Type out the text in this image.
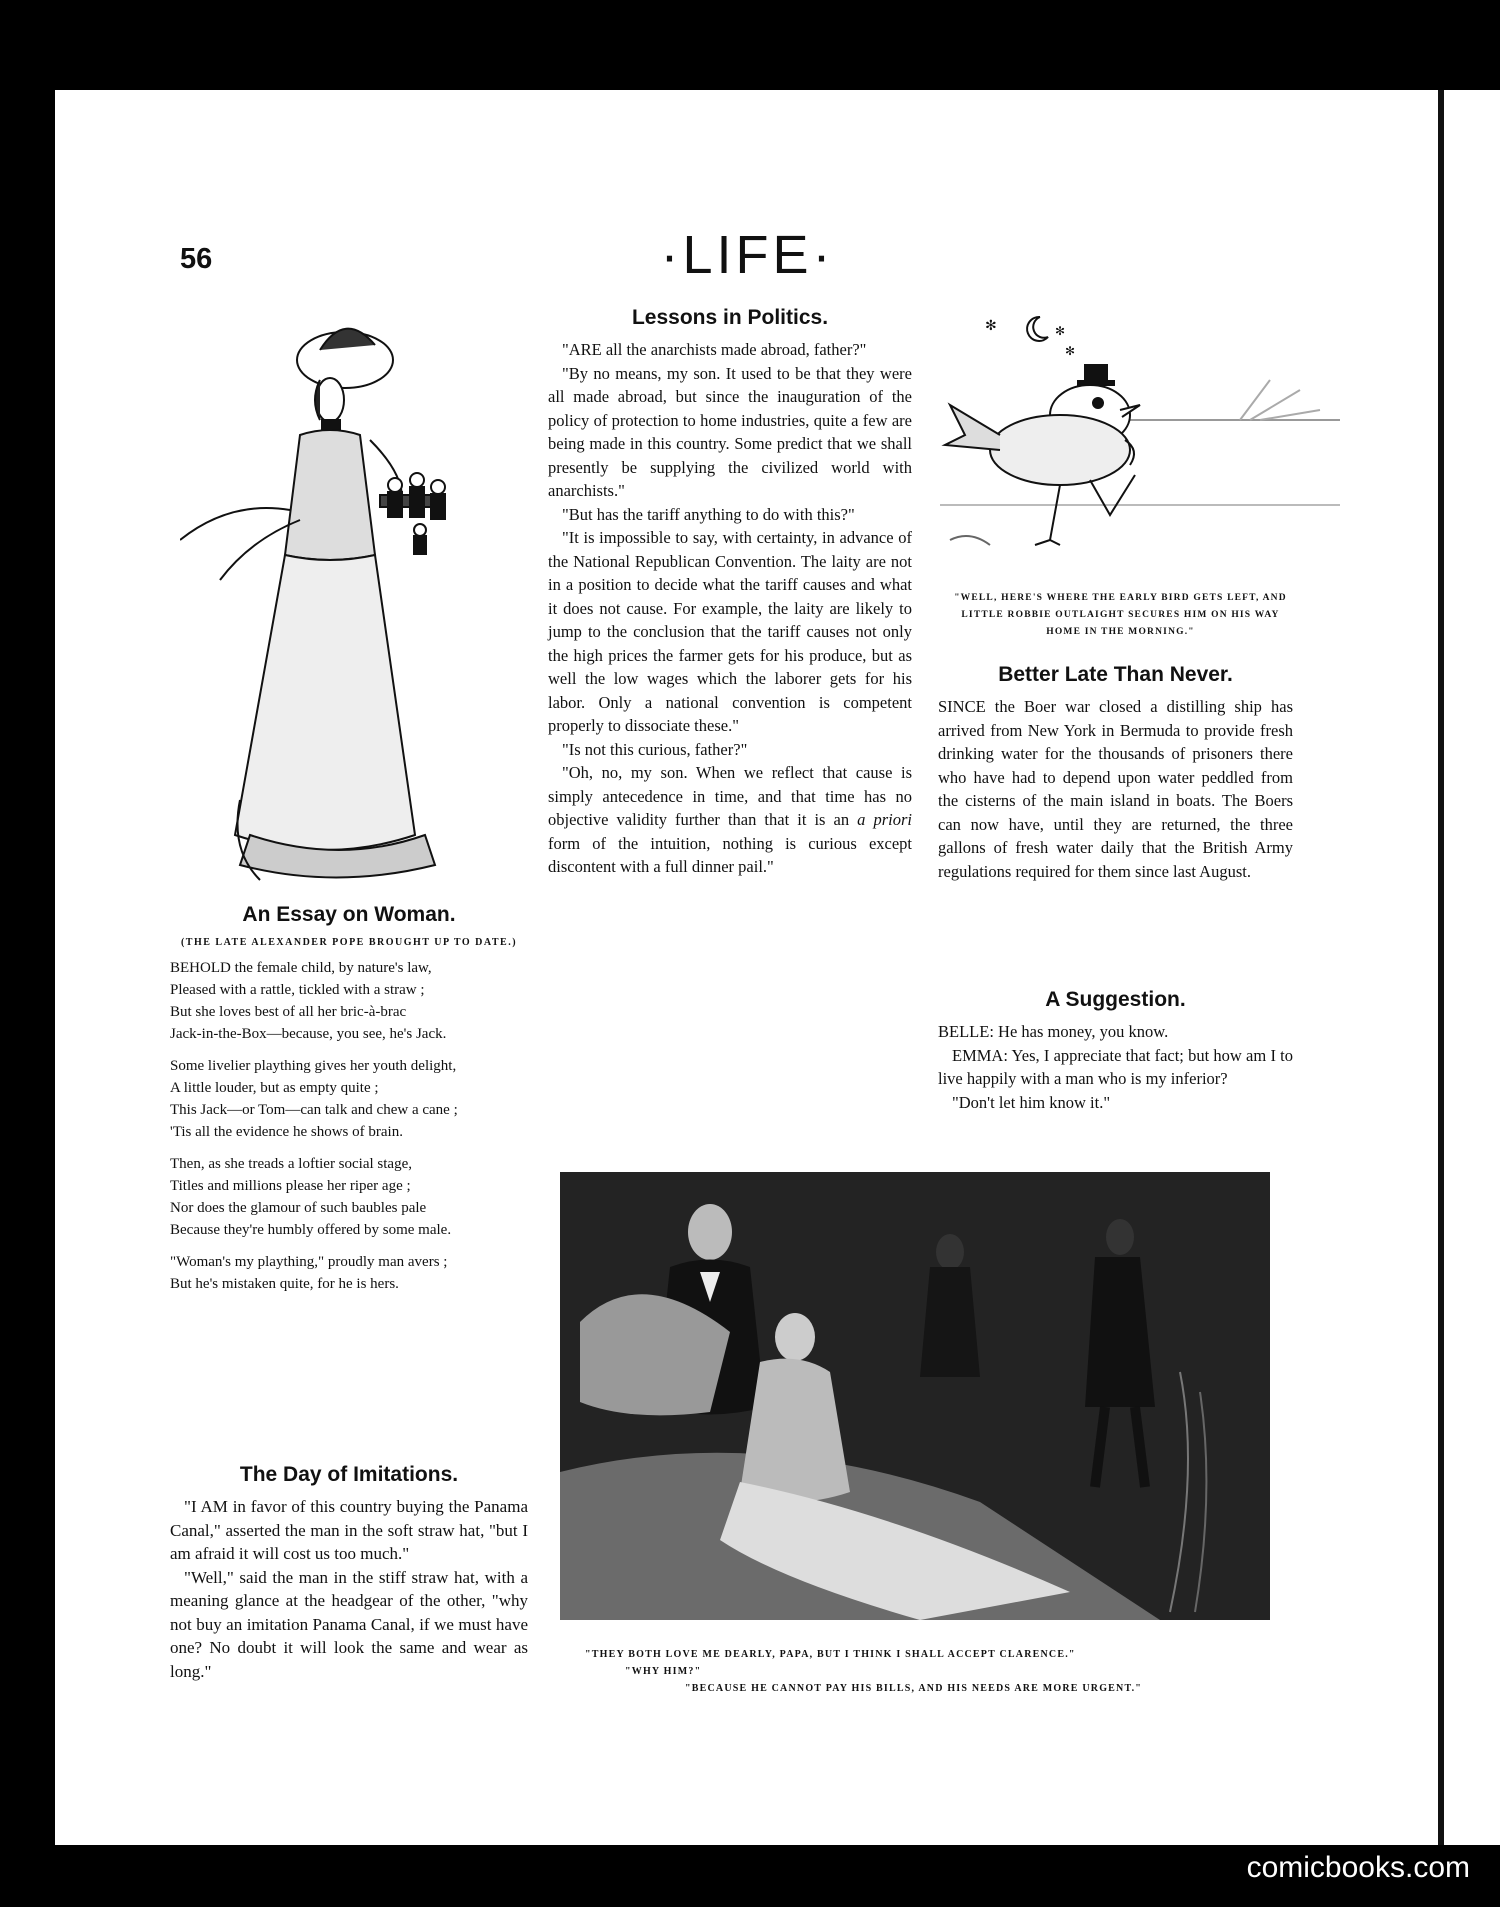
56	·LIFE·
An Essay on Woman.
(THE LATE ALEXANDER POPE BROUGHT UP TO DATE.)

BEHOLD the female child, by nature's law,
Pleased with a rattle, tickled with a straw ;
But she loves best of all her bric-à-brac
Jack-in-the-Box—because, you see, he's Jack.

Some livelier plaything gives her youth delight,
A little louder, but as empty quite ;
This Jack—or Tom—can talk and chew a cane ;
'Tis all the evidence he shows of brain.

Then, as she treads a loftier social stage,
Titles and millions please her riper age ;
Nor does the glamour of such baubles pale
Because they're humbly offered by some male.

"Woman's my plaything," proudly man avers ;
But he's mistaken quite, for he is hers.

The Day of Imitations.

"I AM in favor of this country buying the Panama Canal," asserted the man in the soft straw hat, "but I am afraid it will cost us too much."

"Well," said the man in the stiff straw hat, with a meaning glance at the headgear of the other, "why not buy an imitation Panama Canal, if we must have one? No doubt it will look the same and wear as long."

Lessons in Politics.

"ARE all the anarchists made abroad, father?"

"By no means, my son. It used to be that they were all made abroad, but since the inauguration of the policy of protection to home industries, quite a few are being made in this country. Some predict that we shall presently be supplying the civilized world with anarchists."

"But has the tariff anything to do with this?"

"It is impossible to say, with certainty, in advance of the National Republican Convention. The laity are not in a position to decide what the tariff causes and what it does not cause. For example, the laity are likely to jump to the conclusion that the tariff causes not only the high prices the farmer gets for his produce, but as well the low wages which the laborer gets for his labor. Only a national convention is competent properly to dissociate these."

"Is not this curious, father?"

"Oh, no, my son. When we reflect that cause is simply antecedence in time, and that time has no objective validity further than that it is an a priori form of the intuition, nothing is curious except discontent with a full dinner pail."

✻	✻
✻
"WELL, HERE'S WHERE THE EARLY BIRD GETS LEFT, AND LITTLE ROBBIE OUTLAIGHT SECURES HIM ON HIS WAY HOME IN THE MORNING."
Better Late Than Never.

SINCE the Boer war closed a distilling ship has arrived from New York in Bermuda to provide fresh drinking water for the thousands of prisoners there who have had to depend upon water peddled from the cisterns of the main island in boats. The Boers can now have, until they are returned, the three gallons of fresh water daily that the British Army regulations required for them since last August.

A Suggestion.

BELLE: He has money, you know.

EMMA: Yes, I appreciate that fact; but how am I to live happily with a man who is my inferior?

"Don't let him know it."

"THEY BOTH LOVE ME DEARLY, PAPA, BUT I THINK I SHALL ACCEPT CLARENCE."
"WHY HIM?"
"BECAUSE HE CANNOT PAY HIS BILLS, AND HIS NEEDS ARE MORE URGENT."
comicbooks.com
